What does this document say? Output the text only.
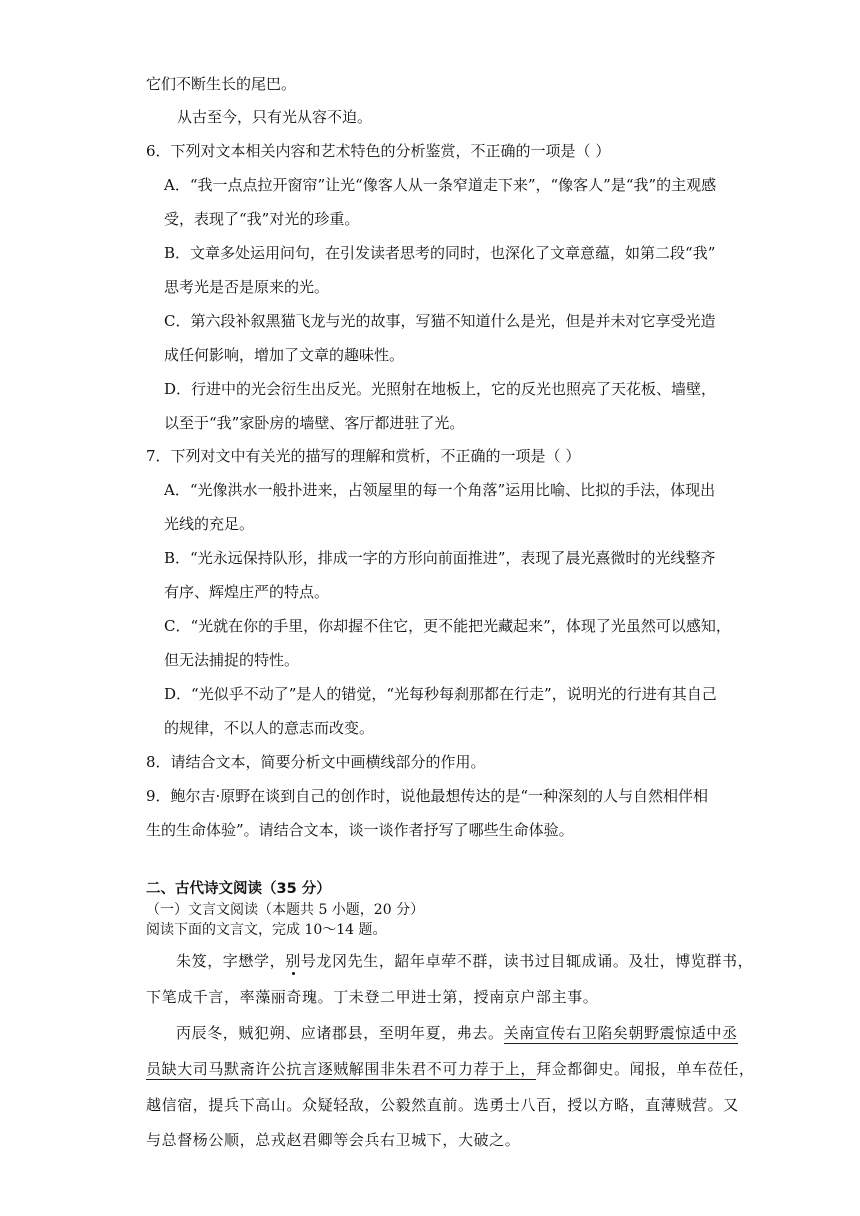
它们不断生长的尾巴。
从古至今，只有光从容不迫。
6．下列对文本相关内容和艺术特色的分析鉴赏，不正确的一项是（ ）
A．“我一点点拉开窗帘”让光“像客人从一条窄道走下来”，“像客人”是“我”的主观感
受，表现了“我”对光的珍重。
B．文章多处运用问句，在引发读者思考的同时，也深化了文章意蕴，如第二段“我”
思考光是否是原来的光。
C．第六段补叙黑猫飞龙与光的故事，写猫不知道什么是光，但是并未对它享受光造
成任何影响，增加了文章的趣味性。
D．行进中的光会衍生出反光。光照射在地板上，它的反光也照亮了天花板、墙壁，
以至于“我”家卧房的墙壁、客厅都进驻了光。
7．下列对文中有关光的描写的理解和赏析，不正确的一项是（ ）
A．“光像洪水一般扑进来，占领屋里的每一个角落”运用比喻、比拟的手法，体现出
光线的充足。
B．“光永远保持队形，排成一字的方形向前面推进”，表现了晨光熹微时的光线整齐
有序、辉煌庄严的特点。
C．“光就在你的手里，你却握不住它，更不能把光藏起来”，体现了光虽然可以感知，
但无法捕捉的特性。
D．“光似乎不动了”是人的错觉，“光每秒每刹那都在行走”，说明光的行进有其自己
的规律，不以人的意志而改变。
8．请结合文本，简要分析文中画横线部分的作用。
9．鲍尔吉·原野在谈到自己的创作时，说他最想传达的是“一种深刻的人与自然相伴相
生的生命体验”。请结合文本，谈一谈作者抒写了哪些生命体验。
二、古代诗文阅读（35 分）
（一）文言文阅读（本题共 5 小题，20 分）
阅读下面的文言文，完成 10～14 题。
朱笈，字懋学，别号龙冈先生，龆年卓荦不群，读书过目辄成诵。及壮，博览群书，
下笔成千言，率藻丽奇瑰。丁未登二甲进士第，授南京户部主事。
丙辰冬，贼犯朔、应诸郡县，至明年夏，弗去。关南宣传右卫陷矣朝野震惊适中丞
员缺大司马默斋许公抗言逐贼解围非朱君不可力荐于上，拜佥都御史。闻报，单车莅任，
越信宿，提兵下高山。众疑轻敌，公毅然直前。选勇士八百，授以方略，直薄贼营。又
与总督杨公顺，总戎赵君卿等会兵右卫城下，大破之。
